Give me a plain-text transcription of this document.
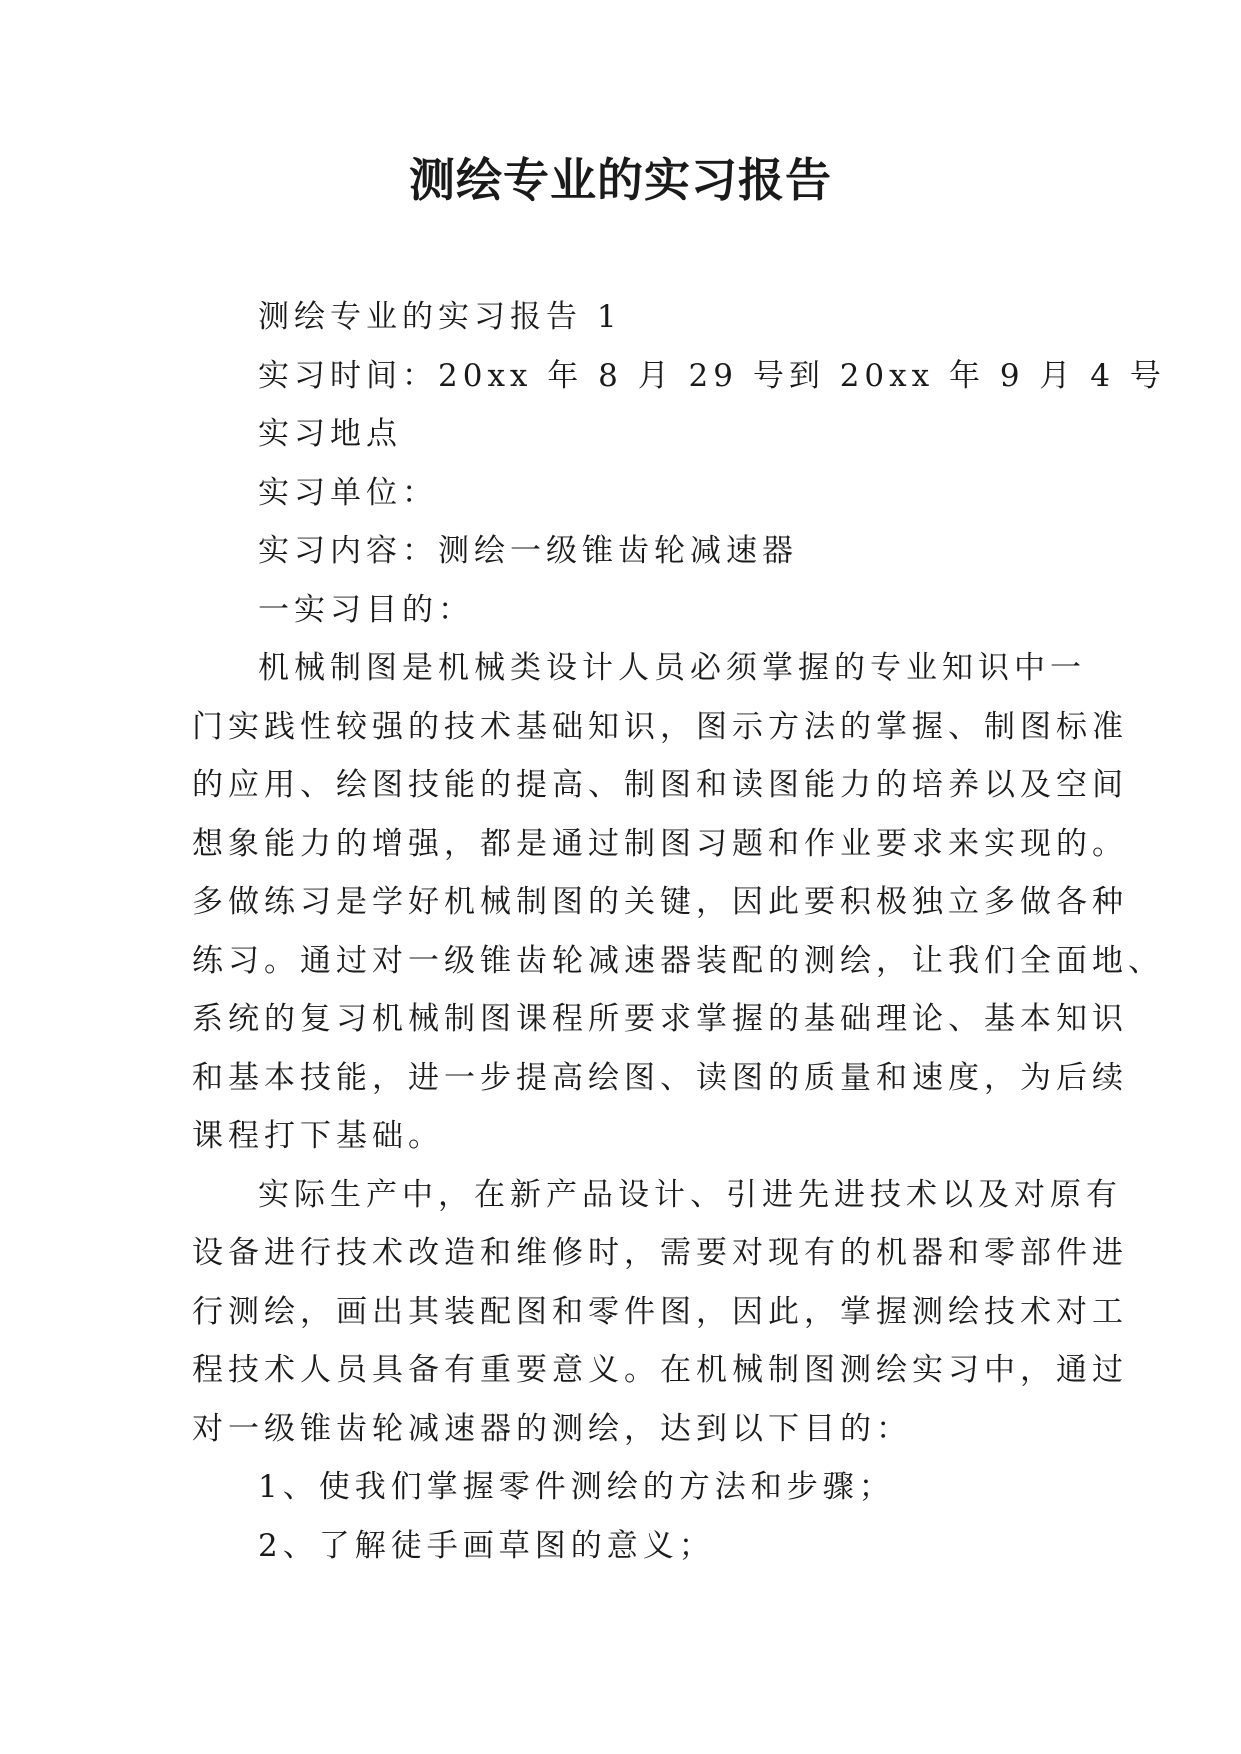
测绘专业的实习报告
测绘专业的实习报告 1
实习时间：20xx 年 8 月 29 号到 20xx 年 9 月 4 号
实习地点
实习单位：
实习内容：测绘一级锥齿轮减速器
一实习目的：
机械制图是机械类设计人员必须掌握的专业知识中一
门实践性较强的技术基础知识，图示方法的掌握、制图标准
的应用、绘图技能的提高、制图和读图能力的培养以及空间
想象能力的增强，都是通过制图习题和作业要求来实现的。
多做练习是学好机械制图的关键，因此要积极独立多做各种
练习。通过对一级锥齿轮减速器装配的测绘，让我们全面地、
系统的复习机械制图课程所要求掌握的基础理论、基本知识
和基本技能，进一步提高绘图、读图的质量和速度，为后续
课程打下基础。
实际生产中，在新产品设计、引进先进技术以及对原有
设备进行技术改造和维修时，需要对现有的机器和零部件进
行测绘，画出其装配图和零件图，因此，掌握测绘技术对工
程技术人员具备有重要意义。在机械制图测绘实习中，通过
对一级锥齿轮减速器的测绘，达到以下目的：
1、使我们掌握零件测绘的方法和步骤；
2、了解徒手画草图的意义；
